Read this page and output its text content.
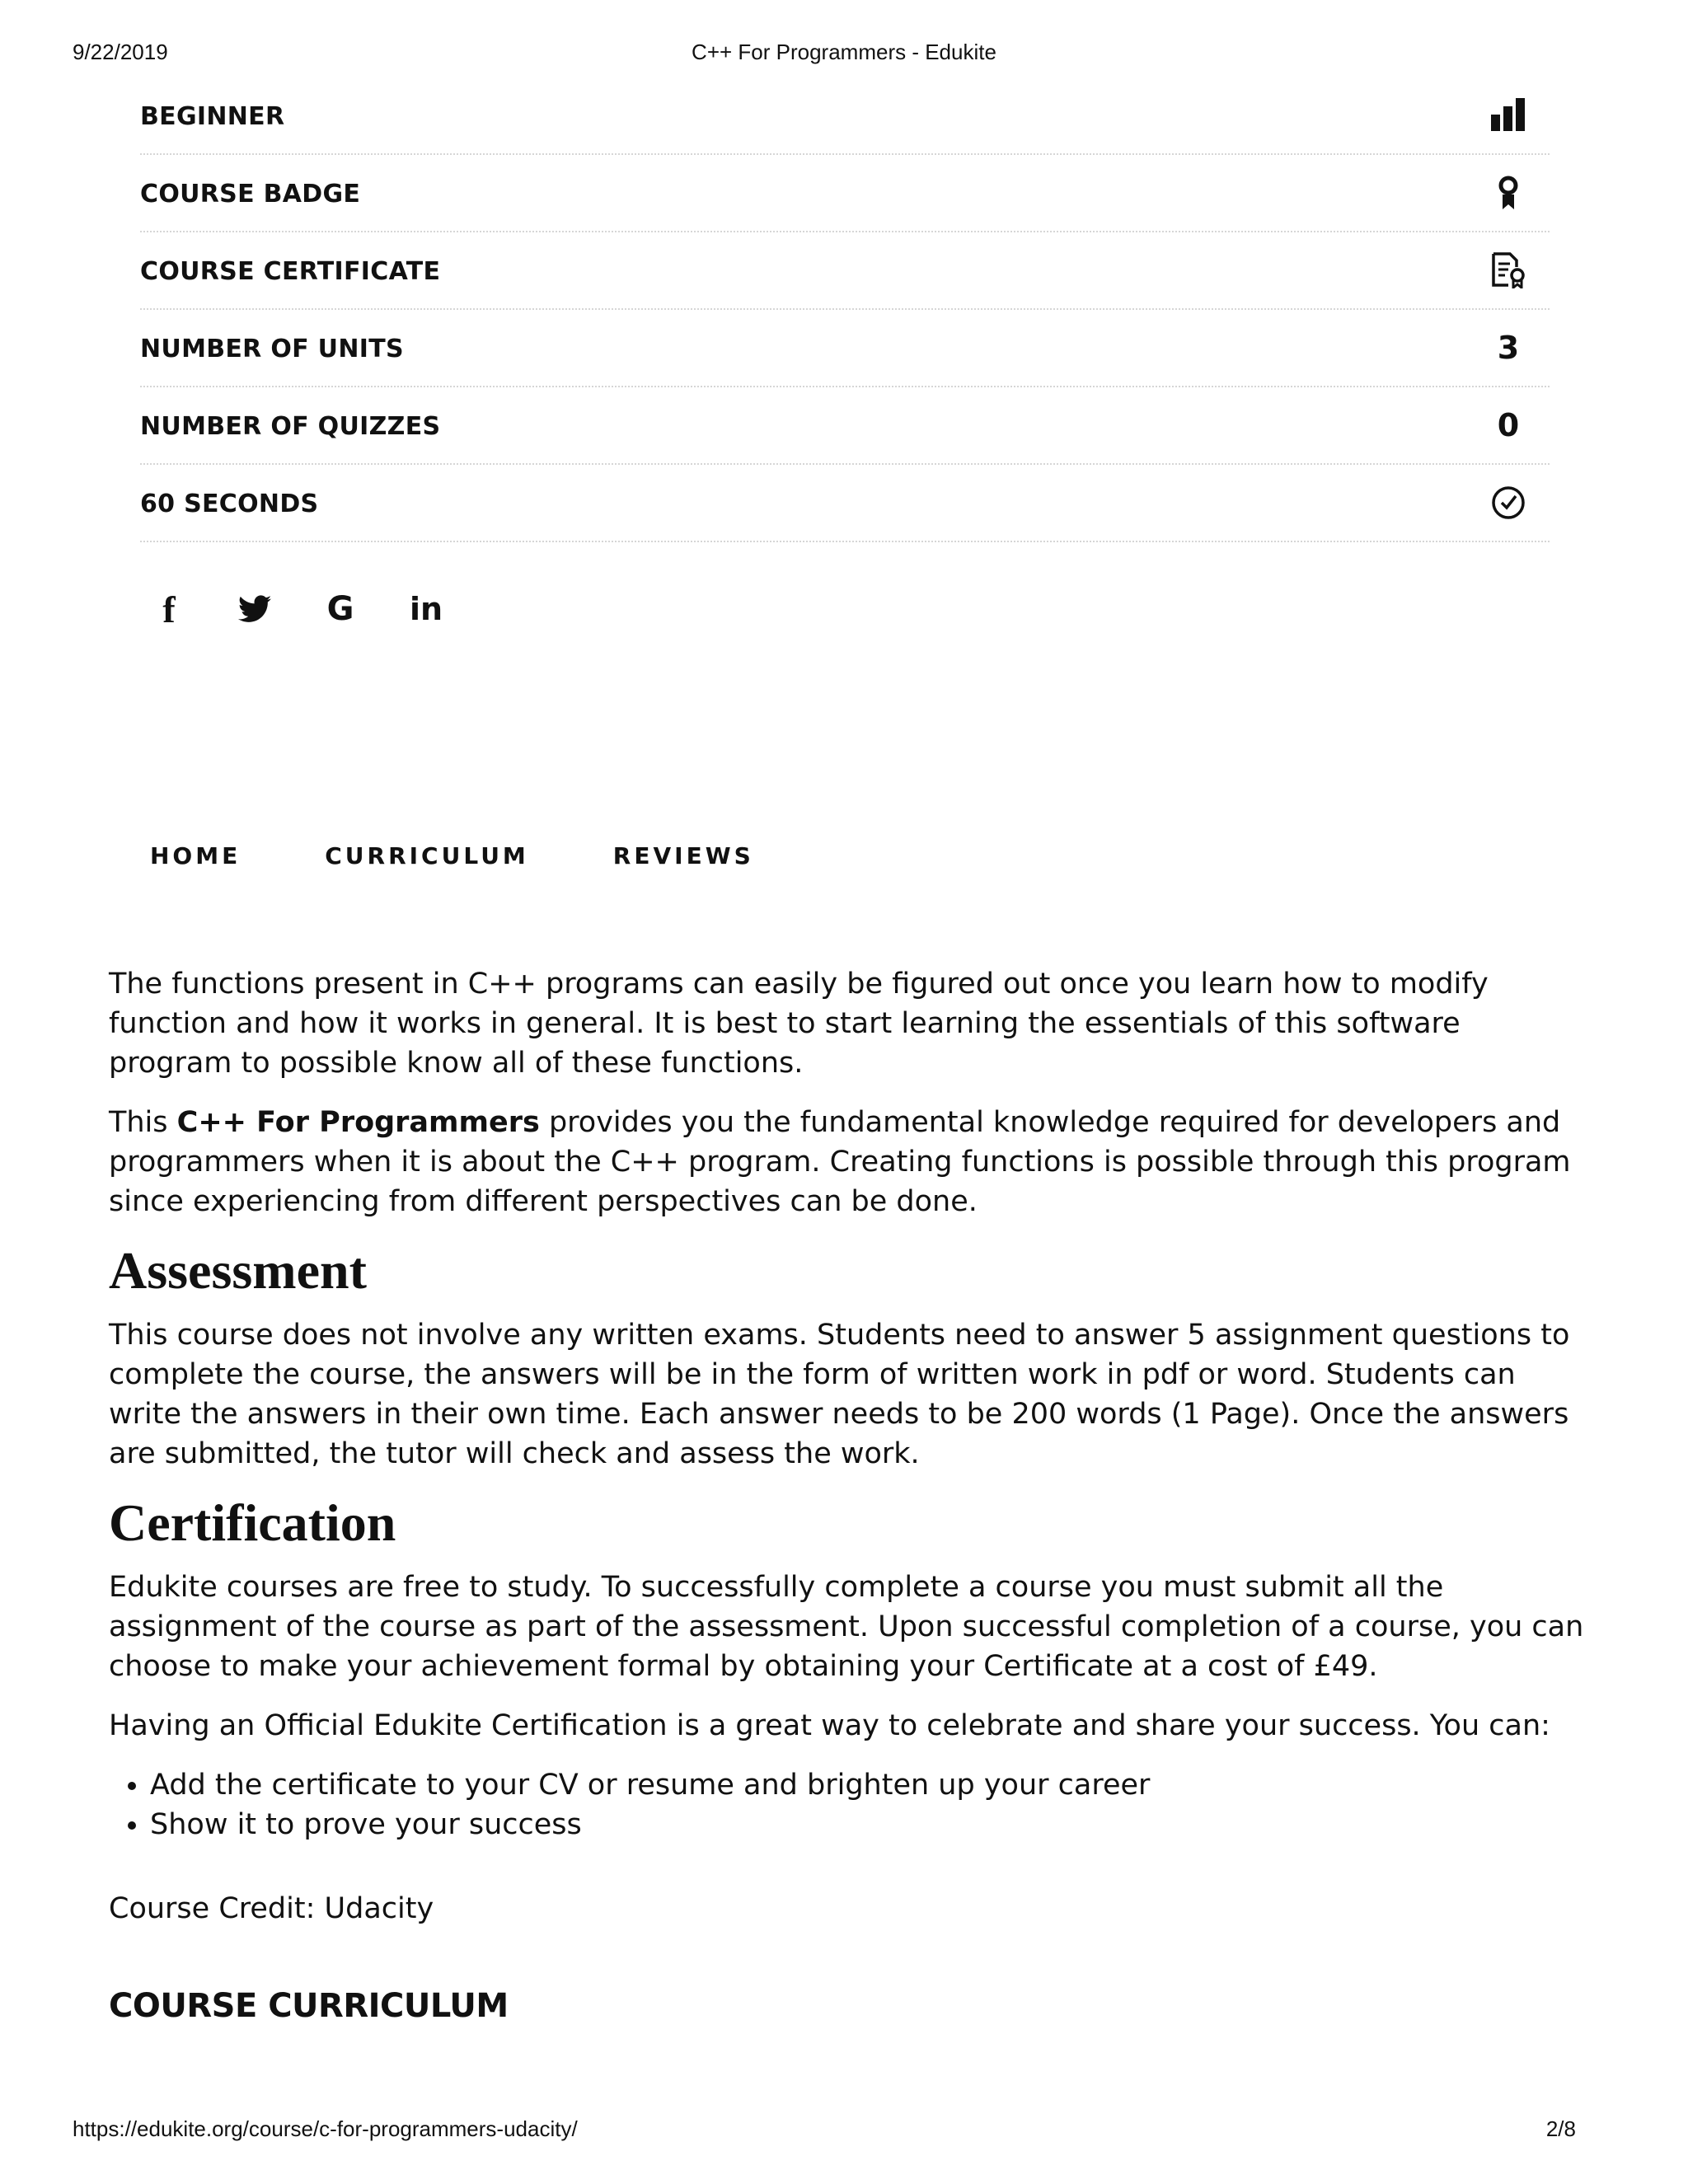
9/22/2019	C++ For Programmers - Edukite
BEGINNER
COURSE BADGE
COURSE CERTIFICATE
NUMBER OF UNITS	3
NUMBER OF QUIZZES	0
60 SECONDS
f	G in
HOME	CURRICULUM	REVIEWS

The functions present in C++ programs can easily be figured out once you learn how to modify function and how it works in general. It is best to start learning the essentials of this software program to possible know all of these functions.

This C++ For Programmers provides you the fundamental knowledge required for developers and programmers when it is about the C++ program. Creating functions is possible through this program since experiencing from different perspectives can be done.

Assessment

This course does not involve any written exams. Students need to answer 5 assignment questions to complete the course, the answers will be in the form of written work in pdf or word. Students can write the answers in their own time. Each answer needs to be 200 words (1 Page). Once the answers are submitted, the tutor will check and assess the work.

Certification

Edukite courses are free to study. To successfully complete a course you must submit all the assignment of the course as part of the assessment. Upon successful completion of a course, you can choose to make your achievement formal by obtaining your Certificate at a cost of £49.

Having an Official Edukite Certification is a great way to celebrate and share your success. You can:

• Add the certificate to your CV or resume and brighten up your career
• Show it to prove your success

Course Credit: Udacity

COURSE CURRICULUM
https://edukite.org/course/c-for-programmers-udacity/	2/8
